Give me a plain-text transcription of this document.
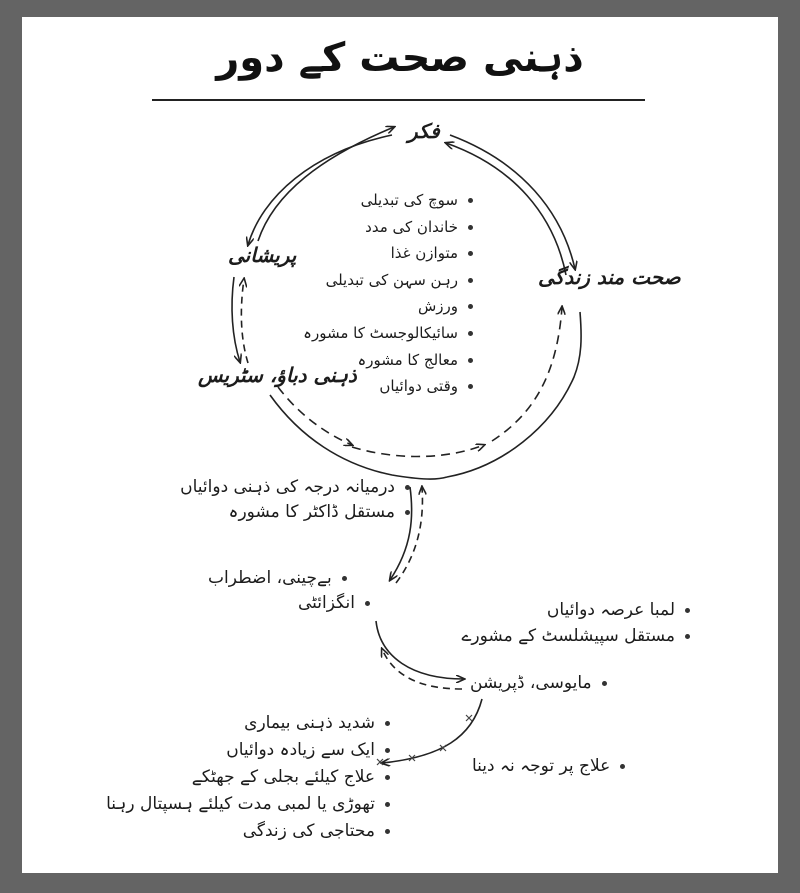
ذہنی صحت کے دور
فکر
پریشانی
ذہنی دباؤ، سٹریس
صحت مند زندگی
بےچینی، اضطراب
انگزائٹی
مایوسی، ڈپریشن
علاج پر توجہ نہ دینا
سوچ کی تبدیلی
خاندان کی مدد
متوازن غذا
رہن سہن کی تبدیلی
ورزش
سائیکالوجسٹ کا مشورہ
معالج کا مشورہ
وقتی دوائیاں
درمیانہ درجہ کی ذہنی دوائیاں
مستقل ڈاکٹر کا مشورہ
لمبا عرصہ دوائیاں
مستقل سپیشلسٹ کے مشورے
شدید ذہنی بیماری
ایک سے زیادہ دوائیاں
علاج کیلئے بجلی کے جھٹکے
تھوڑی یا لمبی مدت کیلئے ہسپتال رہنا
محتاجی کی زندگی
